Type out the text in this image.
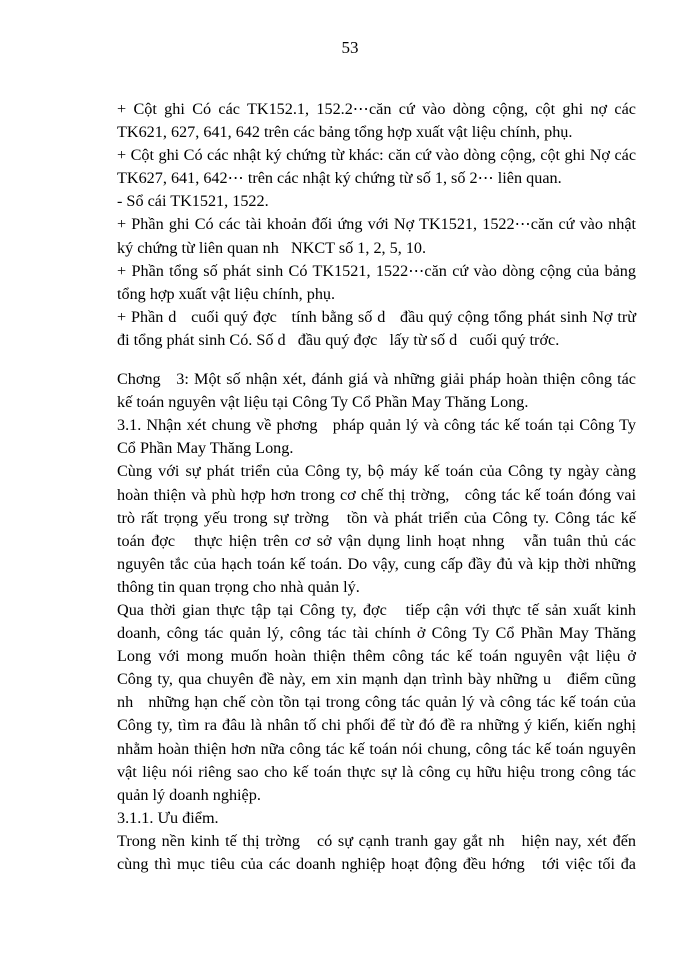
53
+ Cột ghi Có các TK152.1, 152.2⋯căn cứ vào dòng cộng, cột ghi nợ các
TK621, 627, 641, 642 trên các bảng tổng hợp xuất vật liệu chính, phụ.
+ Cột ghi Có các nhật ký chứng từ khác: căn cứ vào dòng cộng, cột ghi Nợ các
TK627, 641, 642⋯ trên các nhật ký chứng từ số 1, số 2⋯ liên quan.
- Sổ cái TK1521, 1522.
+ Phần ghi Có các tài khoản đối ứng với Nợ TK1521, 1522⋯căn cứ vào nhật
ký chứng từ liên quan nh   NKCT số 1, 2, 5, 10.
+ Phần tổng số phát sinh Có TK1521, 1522⋯căn cứ vào dòng cộng của bảng
tổng hợp xuất vật liệu chính, phụ.
+ Phần d   cuối quý đợc   tính bằng số d   đầu quý cộng tổng phát sinh Nợ trừ
đi tổng phát sinh Có. Số d   đầu quý đợc   lấy từ số d   cuối quý trớc.
Chơng   3: Một số nhận xét, đánh giá và những giải pháp hoàn thiện công tác
kế toán nguyên vật liệu tại Công Ty Cổ Phần May Thăng Long.
3.1. Nhận xét chung về phơng   pháp quản lý và công tác kế toán tại Công Ty
Cổ Phần May Thăng Long.
Cùng với sự phát triển của Công ty, bộ máy kế toán của Công ty ngày càng
hoàn thiện và phù hợp hơn trong cơ chế thị trờng,   công tác kế toán đóng vai
trò rất trọng yếu trong sự trờng   tồn và phát triển của Công ty. Công tác kế
toán đợc   thực hiện trên cơ sở vận dụng linh hoạt nhng   vẫn tuân thủ các
nguyên tắc của hạch toán kế toán. Do vậy, cung cấp đầy đủ và kịp thời những
thông tin quan trọng cho nhà quản lý.
Qua thời gian thực tập tại Công ty, đợc   tiếp cận với thực tế sản xuất kinh
doanh, công tác quản lý, công tác tài chính ở Công Ty Cổ Phần May Thăng
Long với mong muốn hoàn thiện thêm công tác kế toán nguyên vật liệu ở
Công ty, qua chuyên đề này, em xin mạnh dạn trình bày những u   điểm cũng
nh   những hạn chế còn tồn tại trong công tác quản lý và công tác kế toán của
Công ty, tìm ra đâu là nhân tố chi phối để từ đó đề ra những ý kiến, kiến nghị
nhằm hoàn thiện hơn nữa công tác kế toán nói chung, công tác kế toán nguyên
vật liệu nói riêng sao cho kế toán thực sự là công cụ hữu hiệu trong công tác
quản lý doanh nghiệp.
3.1.1. Ưu điểm.
Trong nền kinh tế thị trờng   có sự cạnh tranh gay gắt nh   hiện nay, xét đến
cùng thì mục tiêu của các doanh nghiệp hoạt động đều hớng   tới việc tối đa
